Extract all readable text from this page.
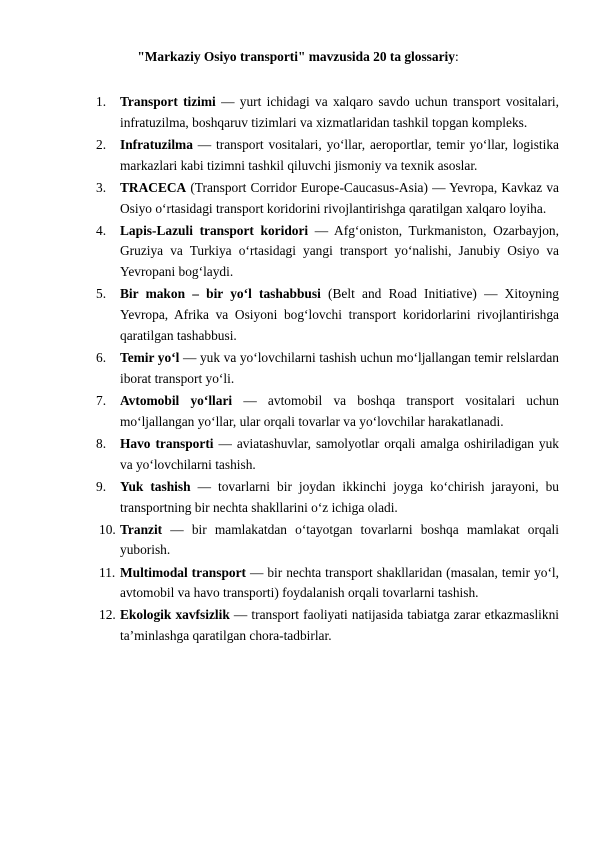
"Markaziy Osiyo transporti" mavzusida 20 ta glossariy:
1.	Transport tizimi — yurt ichidagi va xalqaro savdo uchun transport vositalari, infratuzilma, boshqaruv tizimlari va xizmatlaridan tashkil topgan kompleks.
2.	Infratuzilma — transport vositalari, yo‘llar, aeroportlar, temir yo‘llar, logistika markazlari kabi tizimni tashkil qiluvchi jismoniy va texnik asoslar.
3.	TRACECA (Transport Corridor Europe-Caucasus-Asia) — Yevropa, Kavkaz va Osiyo o‘rtasidagi transport koridorini rivojlantirishga qaratilgan xalqaro loyiha.
4.	Lapis-Lazuli transport koridori — Afg‘oniston, Turkmaniston, Ozarbayjon, Gruziya va Turkiya o‘rtasidagi yangi transport yo‘nalishi, Janubiy Osiyo va Yevropani bog‘laydi.
5.	Bir makon – bir yo‘l tashabbusi (Belt and Road Initiative) — Xitoyning Yevropa, Afrika va Osiyoni bog‘lovchi transport koridorlarini rivojlantirishga qaratilgan tashabbusi.
6.	Temir yo‘l — yuk va yo‘lovchilarni tashish uchun mo‘ljallangan temir relslardan iborat transport yo‘li.
7.	Avtomobil yo‘llari — avtomobil va boshqa transport vositalari uchun mo‘ljallangan yo‘llar, ular orqali tovarlar va yo‘lovchilar harakatlanadi.
8.	Havo transporti — aviatashuvlar, samolyotlar orqali amalga oshiriladigan yuk va yo‘lovchilarni tashish.
9.	Yuk tashish — tovarlarni bir joydan ikkinchi joyga ko‘chirish jarayoni, bu transportning bir nechta shakllarini o‘z ichiga oladi.
10. Tranzit — bir mamlakatdan o‘tayotgan tovarlarni boshqa mamlakat orqali yuborish.
11. Multimodal transport — bir nechta transport shakllaridan (masalan, temir yo‘l, avtomobil va havo transporti) foydalanish orqali tovarlarni tashish.
12. Ekologik xavfsizlik — transport faoliyati natijasida tabiatga zarar etkazmaslikni ta’minlashga qaratilgan chora-tadbirlar.
